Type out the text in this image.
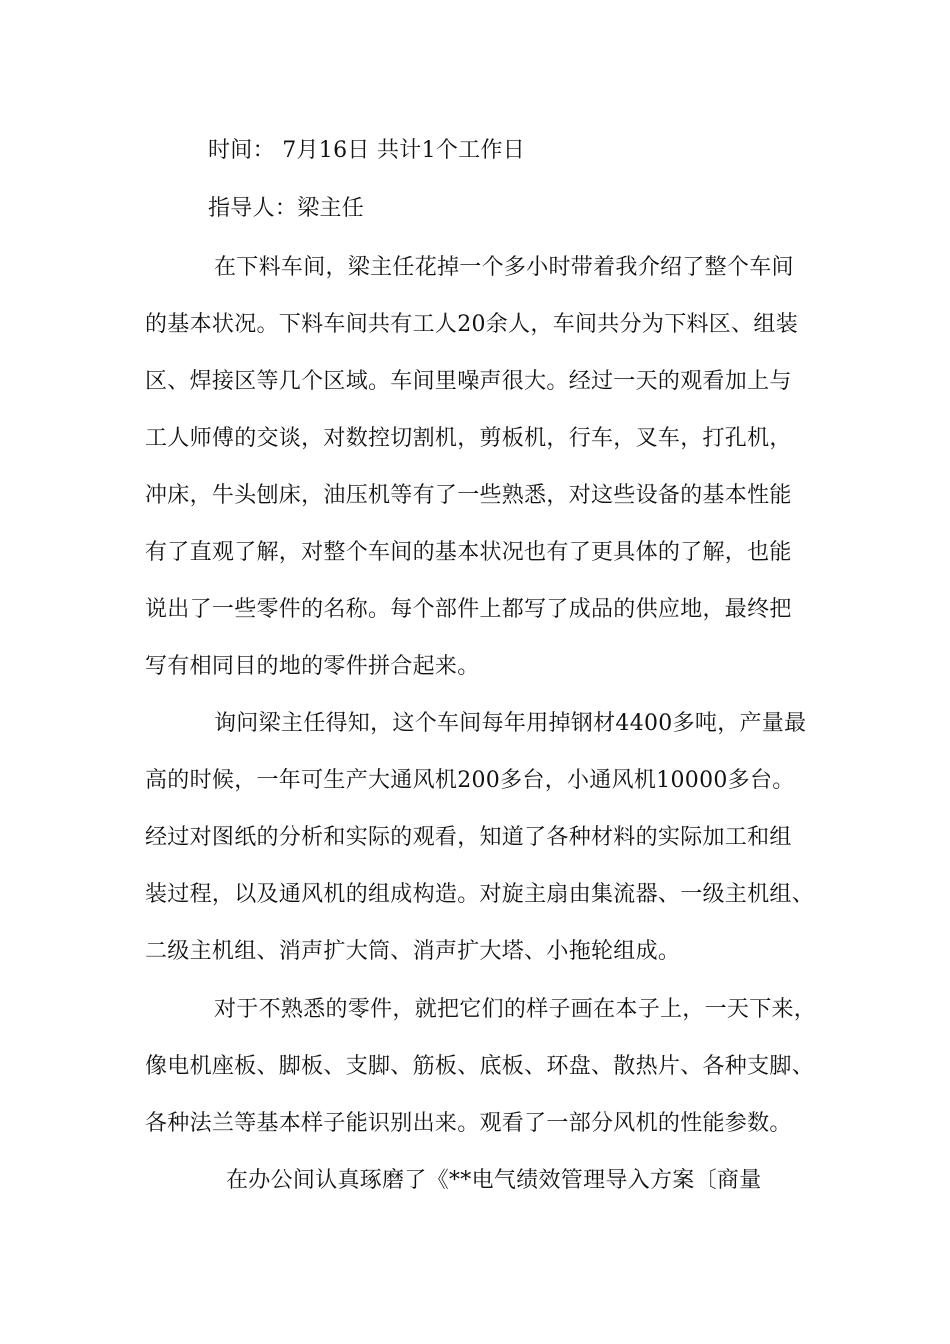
时间： 7月16日 共计1个工作日
指导人：梁主任
在下料车间，梁主任花掉一个多小时带着我介绍了整个车间
的基本状况。下料车间共有工人20余人，车间共分为下料区、组装
区、焊接区等几个区域。车间里噪声很大。经过一天的观看加上与
工人师傅的交谈，对数控切割机，剪板机，行车，叉车，打孔机，
冲床，牛头刨床，油压机等有了一些熟悉，对这些设备的基本性能
有了直观了解，对整个车间的基本状况也有了更具体的了解，也能
说出了一些零件的名称。每个部件上都写了成品的供应地，最终把
写有相同目的地的零件拼合起来。
询问梁主任得知，这个车间每年用掉钢材4400多吨，产量最
高的时候，一年可生产大通风机200多台，小通风机10000多台。
经过对图纸的分析和实际的观看，知道了各种材料的实际加工和组
装过程，以及通风机的组成构造。对旋主扇由集流器、一级主机组、
二级主机组、消声扩大筒、消声扩大塔、小拖轮组成。
对于不熟悉的零件，就把它们的样子画在本子上，一天下来，
像电机座板、脚板、支脚、筋板、底板、环盘、散热片、各种支脚、
各种法兰等基本样子能识别出来。观看了一部分风机的性能参数。
在办公间认真琢磨了《**电气绩效管理导入方案〔商量
